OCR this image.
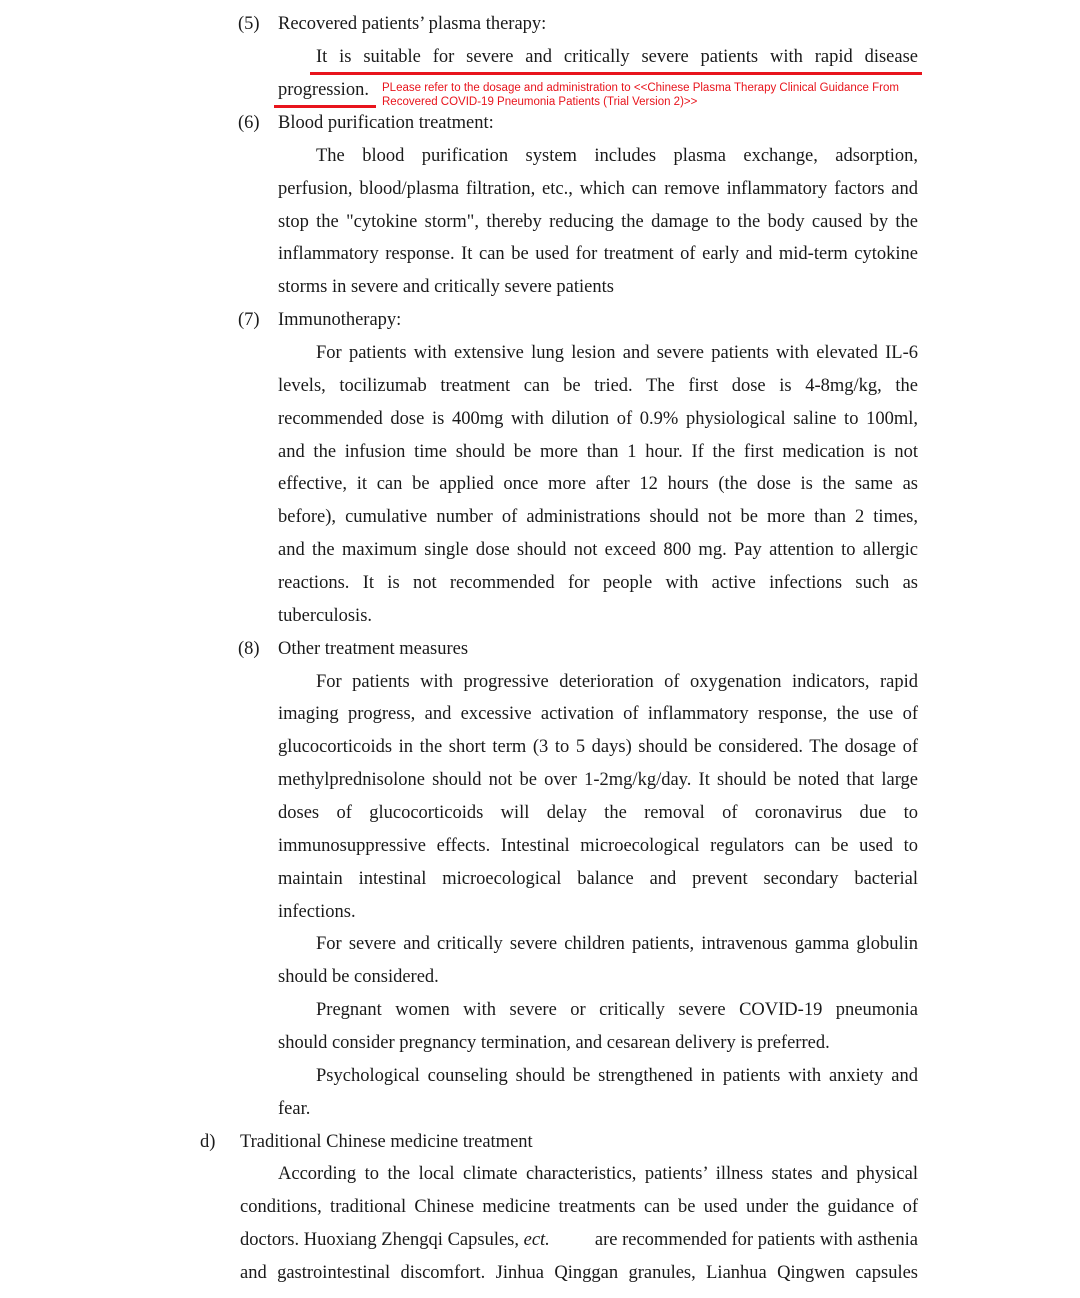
(5) Recovered patients’ plasma therapy:
It is suitable for severe and critically severe patients with rapid disease
progression. PLease refer to the dosage and administration to <<Chinese Plasma Therapy Clinical Guidance From
Recovered COVID-19 Pneumonia Patients (Trial Version 2)>>
(6) Blood purification treatment:
The blood purification system includes plasma exchange, adsorption,
perfusion, blood/plasma filtration, etc., which can remove inflammatory factors and
stop the "cytokine storm", thereby reducing the damage to the body caused by the
inflammatory response. It can be used for treatment of early and mid-term cytokine
storms in severe and critically severe patients
(7) Immunotherapy:
For patients with extensive lung lesion and severe patients with elevated IL-6
levels, tocilizumab treatment can be tried. The first dose is 4-8mg/kg, the
recommended dose is 400mg with dilution of 0.9% physiological saline to 100ml,
and the infusion time should be more than 1 hour. If the first medication is not
effective, it can be applied once more after 12 hours (the dose is the same as
before), cumulative number of administrations should not be more than 2 times,
and the maximum single dose should not exceed 800 mg. Pay attention to allergic
reactions. It is not recommended for people with active infections such as
tuberculosis.
(8) Other treatment measures
For patients with progressive deterioration of oxygenation indicators, rapid
imaging progress, and excessive activation of inflammatory response, the use of
glucocorticoids in the short term (3 to 5 days) should be considered. The dosage of
methylprednisolone should not be over 1-2mg/kg/day. It should be noted that large
doses of glucocorticoids will delay the removal of coronavirus due to
immunosuppressive effects. Intestinal microecological regulators can be used to
maintain intestinal microecological balance and prevent secondary bacterial
infections.
For severe and critically severe children patients, intravenous gamma globulin
should be considered.
Pregnant women with severe or critically severe COVID-19 pneumonia
should consider pregnancy termination, and cesarean delivery is preferred.
Psychological counseling should be strengthened in patients with anxiety and
fear.
d) Traditional Chinese medicine treatment
According to the local climate characteristics, patients’ illness states and physical
conditions, traditional Chinese medicine treatments can be used under the guidance of
doctors. Huoxiang Zhengqi Capsules, ect. are recommended for patients with asthenia
and gastrointestinal discomfort. Jinhua Qinggan granules, Lianhua Qingwen capsules
